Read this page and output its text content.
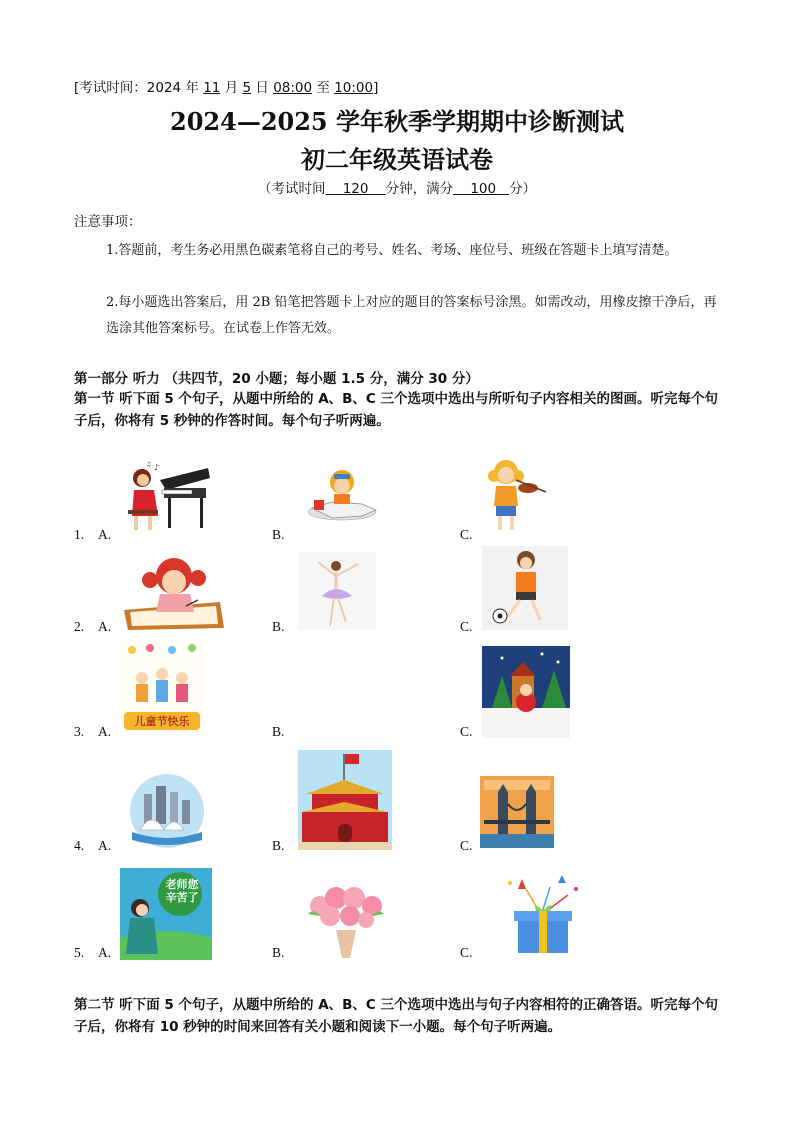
[考试时间：2024 年 11 月 5 日 08:00 至 10:00]
2024—2025 学年秋季学期期中诊断测试
初二年级英语试卷
（考试时间 120 分钟，满分 100 分）
注意事项：
1.答题前，考生务必用黑色碳素笔将自己的考号、姓名、考场、座位号、班级在答题卡上填写清楚。
2.每小题选出答案后，用 2B 铅笔把答题卡上对应的题目的答案标号涂黑。如需改动，用橡皮擦干净后，再选涂其他答案标号。在试卷上作答无效。
第一部分 听力 （共四节，20 小题；每小题 1.5 分，满分 30 分）
第一节 听下面 5 个句子，从题中所给的 A、B、C 三个选项中选出与所听句子内容相关的图画。听完每个句子后，你将有 5 秒钟的作答时间。每个句子听两遍。
1. A.	B.	C.
2. A.	B.	C.
3. A.	B.	C.
4. A.	B.	C.
5. A.	B.	C.
♪
♫
儿童节快乐
老师您辛苦了
第二节 听下面 5 个句子，从题中所给的 A、B、C 三个选项中选出与句子内容相符的正确答语。听完每个句子后，你将有 10 秒钟的时间来回答有关小题和阅读下一小题。每个句子听两遍。
